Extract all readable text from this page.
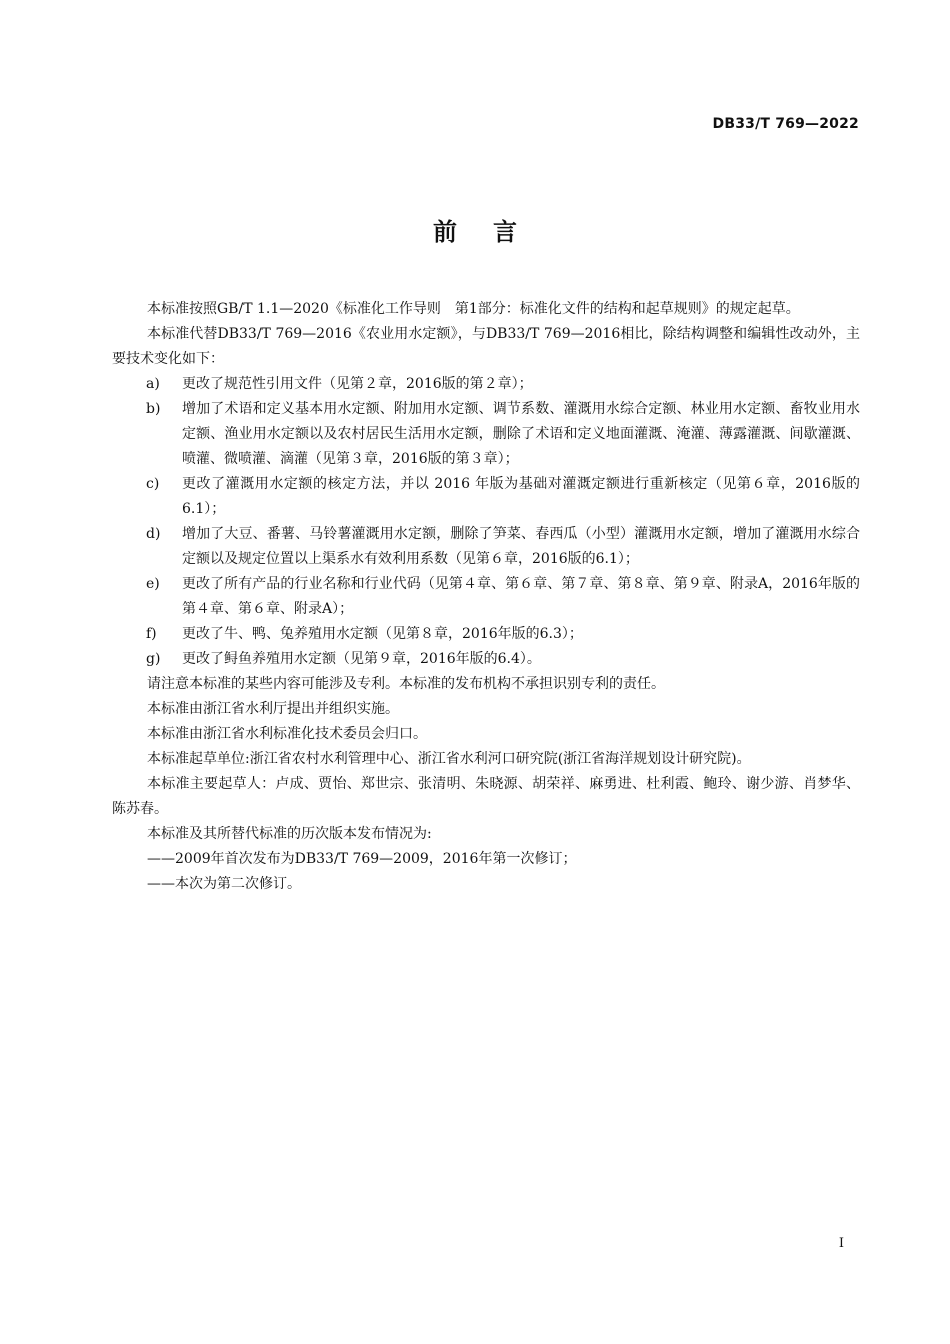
DB33/T 769—2022
前 言

本标准按照GB/T 1.1—2020《标准化工作导则　第1部分：标准化文件的结构和起草规则》的规定起草。

本标准代替DB33/T 769—2016《农业用水定额》，与DB33/T 769—2016相比，除结构调整和编辑性改动外，主要技术变化如下：

a)	更改了规范性引用文件（见第２章，2016版的第２章）；
b)	增加了术语和定义基本用水定额、附加用水定额、调节系数、灌溉用水综合定额、林业用水定额、畜牧业用水定额、渔业用水定额以及农村居民生活用水定额，删除了术语和定义地面灌溉、淹灌、薄露灌溉、间歇灌溉、喷灌、微喷灌、滴灌（见第３章，2016版的第３章）；
c)	更改了灌溉用水定额的核定方法，并以 2016 年版为基础对灌溉定额进行重新核定（见第６章，2016版的6.1）；
d)	增加了大豆、番薯、马铃薯灌溉用水定额，删除了笋菜、春西瓜（小型）灌溉用水定额，增加了灌溉用水综合定额以及规定位置以上渠系水有效利用系数（见第６章，2016版的6.1）；
e)	更改了所有产品的行业名称和行业代码（见第４章、第６章、第７章、第８章、第９章、附录A，2016年版的第４章、第６章、附录A）；
f)	更改了牛、鸭、兔养殖用水定额（见第８章，2016年版的6.3）；
g)	更改了鲟鱼养殖用水定额（见第９章，2016年版的6.4）。

请注意本标准的某些内容可能涉及专利。本标准的发布机构不承担识别专利的责任。

本标准由浙江省水利厅提出并组织实施。

本标准由浙江省水利标准化技术委员会归口。

本标准起草单位:浙江省农村水利管理中心、浙江省水利河口研究院(浙江省海洋规划设计研究院)。

本标准主要起草人：卢成、贾怡、郑世宗、张清明、朱晓源、胡荣祥、麻勇进、杜利霞、鲍玲、谢少游、肖梦华、陈苏春。

本标准及其所替代标准的历次版本发布情况为:

——2009年首次发布为DB33/T 769—2009，2016年第一次修订；

——本次为第二次修订。

I
